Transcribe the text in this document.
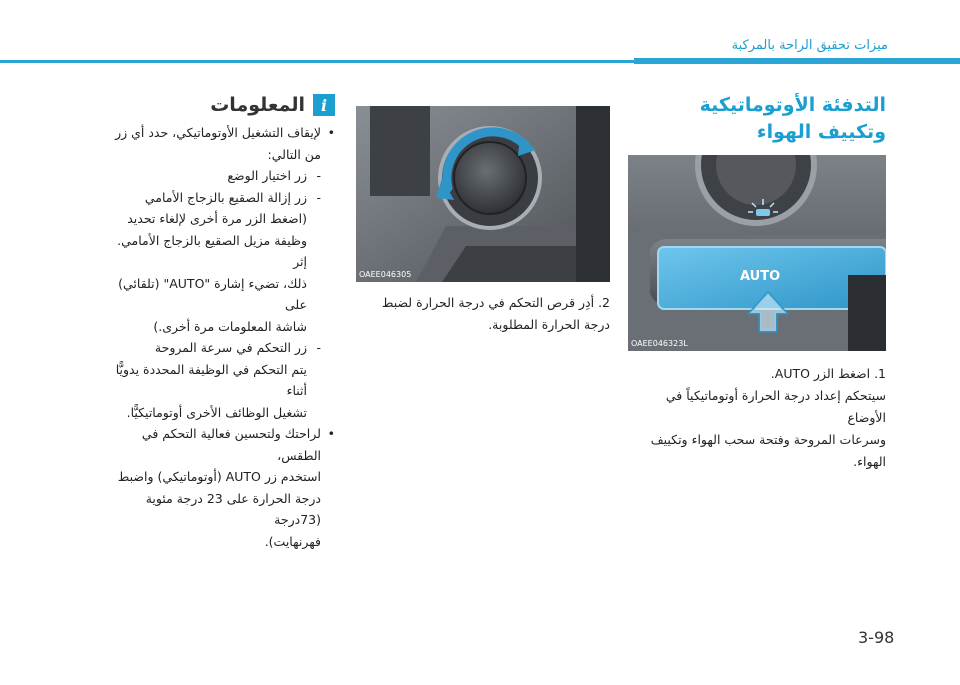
ميزات تحقيق الراحة بالمركبة
التدفئة الأوتوماتيكية وتكييف الهواء
AUTO
OAEE046323L
1. اضغط الزر AUTO.
سيتحكم إعداد درجة الحرارة أوتوماتيكياً في الأوضاع
وسرعات المروحة وفتحة سحب الهواء وتكييف
الهواء.
OAEE046305
2. أدِر قرص التحكم في درجة الحرارة لضبط
درجة الحرارة المطلوبة.
i
المعلومات
• لإيقاف التشغيل الأوتوماتيكي، حدد أي زر
من التالي:
- زر اختيار الوضع
- زر إزالة الصقيع بالزجاج الأمامي
(اضغط الزر مرة أخرى لإلغاء تحديد
وظيفة مزيل الصقيع بالزجاج الأمامي. إثر
ذلك، تضيء إشارة "AUTO" (تلقائي) على
شاشة المعلومات مرة أخرى.)
- زر التحكم في سرعة المروحة
يتم التحكم في الوظيفة المحددة يدويًّا أثناء
تشغيل الوظائف الأخرى أوتوماتيكيًّا.
• لراحتك ولتحسين فعالية التحكم في الطقس،
استخدم زر AUTO (أوتوماتيكي) واضبط
درجة الحرارة على 23 درجة مئوية (73درجة
فهرنهايت).
3-98
